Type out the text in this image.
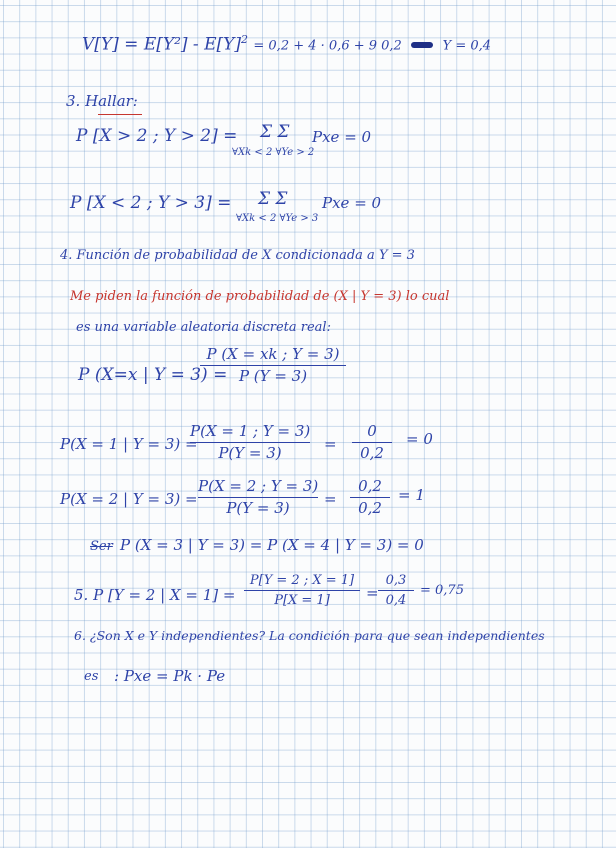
$V[Y] = E[Y^2] - E[Y]^2 = 0,2 + 4 \cdot 0,6 + 9$ 0,2	Y = 0,4
3. Hallar:
P [X > 2 ; Y > 2] = Σ Σ Pxe = 0
∀Xk < 2 ∀Ye > 2
P [X < 2 ; Y > 3] = Σ Σ Pxe = 0
∀Xk < 2 ∀Ye > 3
4. Función de probabilidad de X condicionada a Y = 3
Me piden la función de probabilidad de (X | Y = 3) lo cual
es una variable aleatoria discreta real:
P (X=x | Y = 3) =
P (X = xk ; Y = 3)
P (Y = 3)
P(X = 1 | Y = 3) =
P(X = 1 ; Y = 3)
P(Y = 3)	=
0
0,2
= 0
P(X = 2 | Y = 3) =
P(X = 2 ; Y = 3)
P(Y = 3)	=
0,2
0,2
= 1
Ser P (X = 3 | Y = 3) = P (X = 4 | Y = 3) = 0
5. P [Y = 2 | X = 1] =
P[Y = 2 ; X = 1]
P[X = 1]	=
0,3
0,4
= 0,75
6. ¿Son X e Y independientes? La condición para que sean independientes
es : Pxe = Pk · Pe
